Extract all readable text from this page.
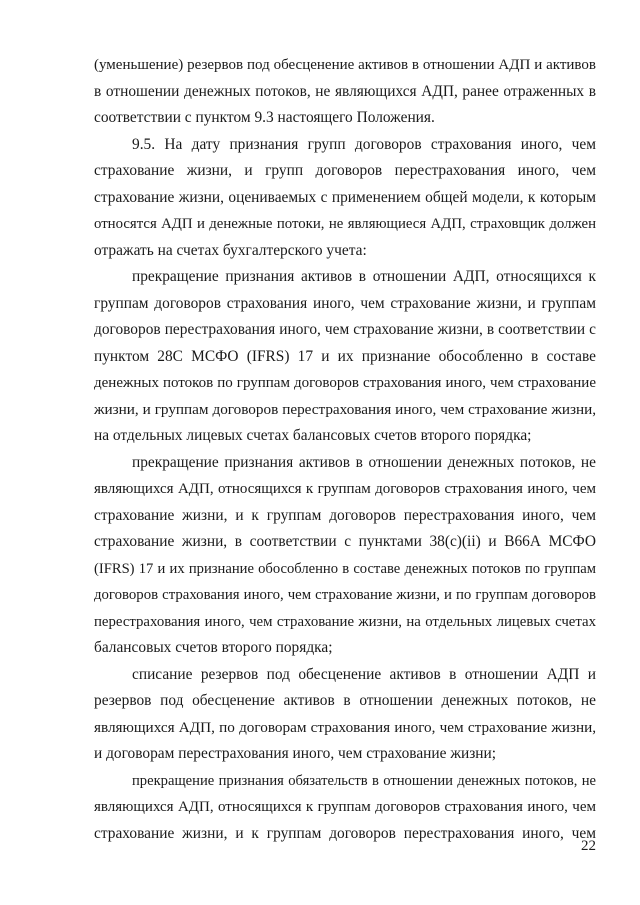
(уменьшение) резервов под обесценение активов в отношении АДП и активов
в отношении денежных потоков, не являющихся АДП, ранее отраженных в
соответствии с пунктом 9.3 настоящего Положения.
9.5. На дату признания групп договоров страхования иного, чем
страхование жизни, и групп договоров перестрахования иного, чем
страхование жизни, оцениваемых с применением общей модели, к которым
относятся АДП и денежные потоки, не являющиеся АДП, страховщик должен
отражать на счетах бухгалтерского учета:
прекращение признания активов в отношении АДП, относящихся к
группам договоров страхования иного, чем страхование жизни, и группам
договоров перестрахования иного, чем страхование жизни, в соответствии с
пунктом 28С МСФО (IFRS) 17 и их признание обособленно в составе
денежных потоков по группам договоров страхования иного, чем страхование
жизни, и группам договоров перестрахования иного, чем страхование жизни,
на отдельных лицевых счетах балансовых счетов второго порядка;
прекращение признания активов в отношении денежных потоков, не
являющихся АДП, относящихся к группам договоров страхования иного, чем
страхование жизни, и к группам договоров перестрахования иного, чем
страхование жизни, в соответствии с пунктами 38(с)(ii) и В66А МСФО
(IFRS) 17 и их признание обособленно в составе денежных потоков по группам
договоров страхования иного, чем страхование жизни, и по группам договоров
перестрахования иного, чем страхование жизни, на отдельных лицевых счетах
балансовых счетов второго порядка;
списание резервов под обесценение активов в отношении АДП и
резервов под обесценение активов в отношении денежных потоков, не
являющихся АДП, по договорам страхования иного, чем страхование жизни,
и договорам перестрахования иного, чем страхование жизни;
прекращение признания обязательств в отношении денежных потоков, не
являющихся АДП, относящихся к группам договоров страхования иного, чем
страхование жизни, и к группам договоров перестрахования иного, чем
22
